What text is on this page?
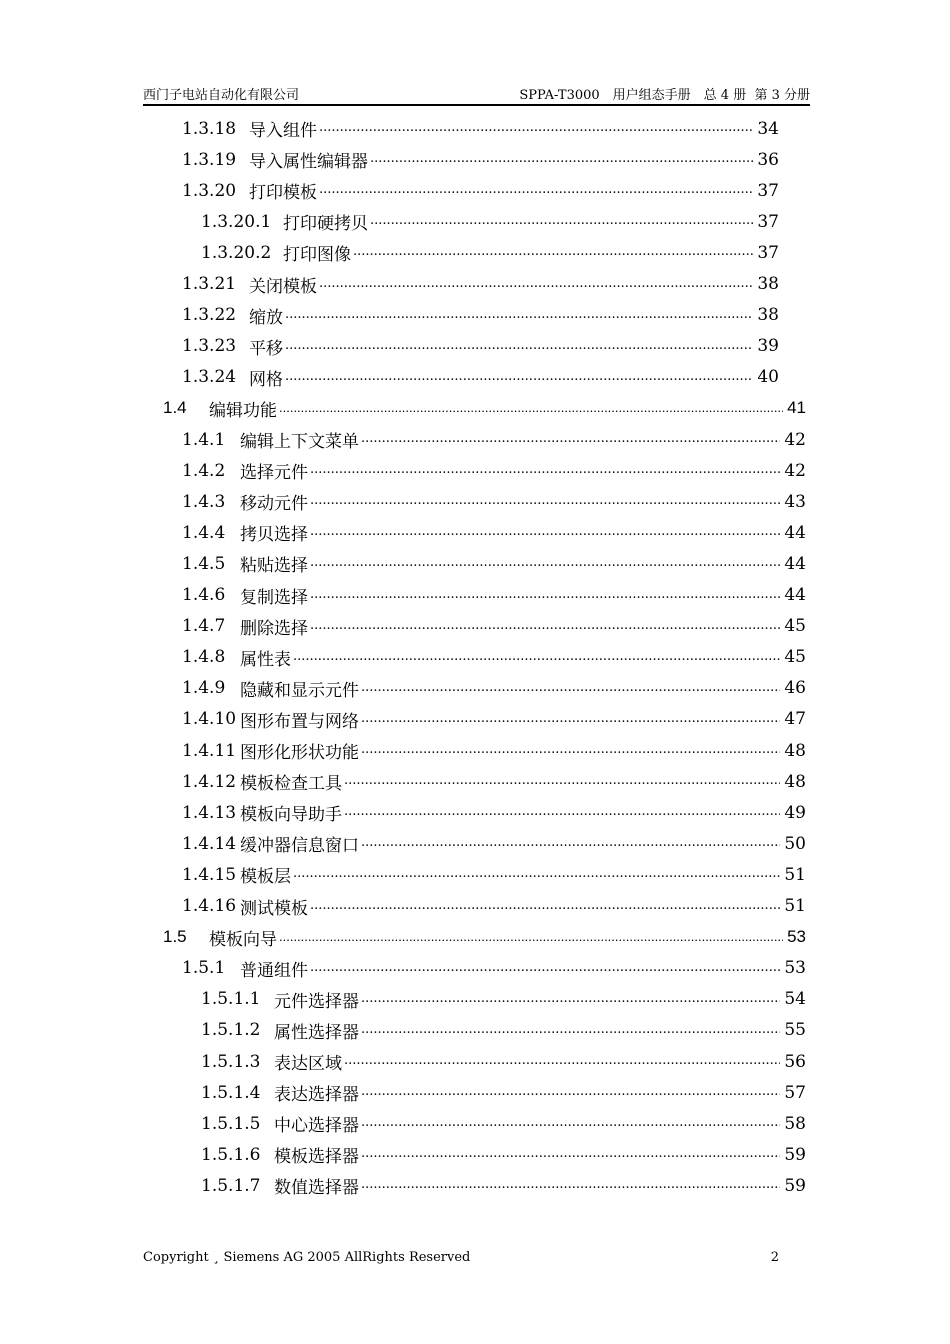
西门子电站自动化有限公司	SPPA-T3000　用户组态手册　总 4 册  第 3 分册
1.3.18 导入组件 .....	34
1.3.19 导入属性编辑器 .....	36
1.3.20 打印模板 .....	37
1.3.20.1 打印硬拷贝 .....	37
1.3.20.2 打印图像 .....	37
1.3.21 关闭模板 .....	38
1.3.22 缩放 .....	38
1.3.23 平移 .....	39
1.3.24 网格 .....	40
1.4	编辑功能 .....	41
1.4.1 编辑上下文菜单 .....	42
1.4.2 选择元件 .....	42
1.4.3 移动元件 .....	43
1.4.4 拷贝选择 .....	44
1.4.5 粘贴选择 .....	44
1.4.6 复制选择 .....	44
1.4.7 删除选择 .....	45
1.4.8 属性表 .....	45
1.4.9 隐藏和显示元件 .....	46
1.4.10 图形布置与网络 .....	47
1.4.11 图形化形状功能 .....	48
1.4.12 模板检查工具 .....	48
1.4.13 模板向导助手 .....	49
1.4.14 缓冲器信息窗口 .....	50
1.4.15 模板层 .....	51
1.4.16 测试模板 .....	51
1.5	模板向导 .....	53
1.5.1 普通组件 .....	53
1.5.1.1 元件选择器 .....	54
1.5.1.2 属性选择器 .....	55
1.5.1.3 表达区域 .....	56
1.5.1.4 表达选择器 .....	57
1.5.1.5 中心选择器 .....	58
1.5.1.6 模板选择器 .....	59
1.5.1.7 数值选择器 .....	59
Copyright ¸ Siemens AG 2005 AllRights Reserved	2
